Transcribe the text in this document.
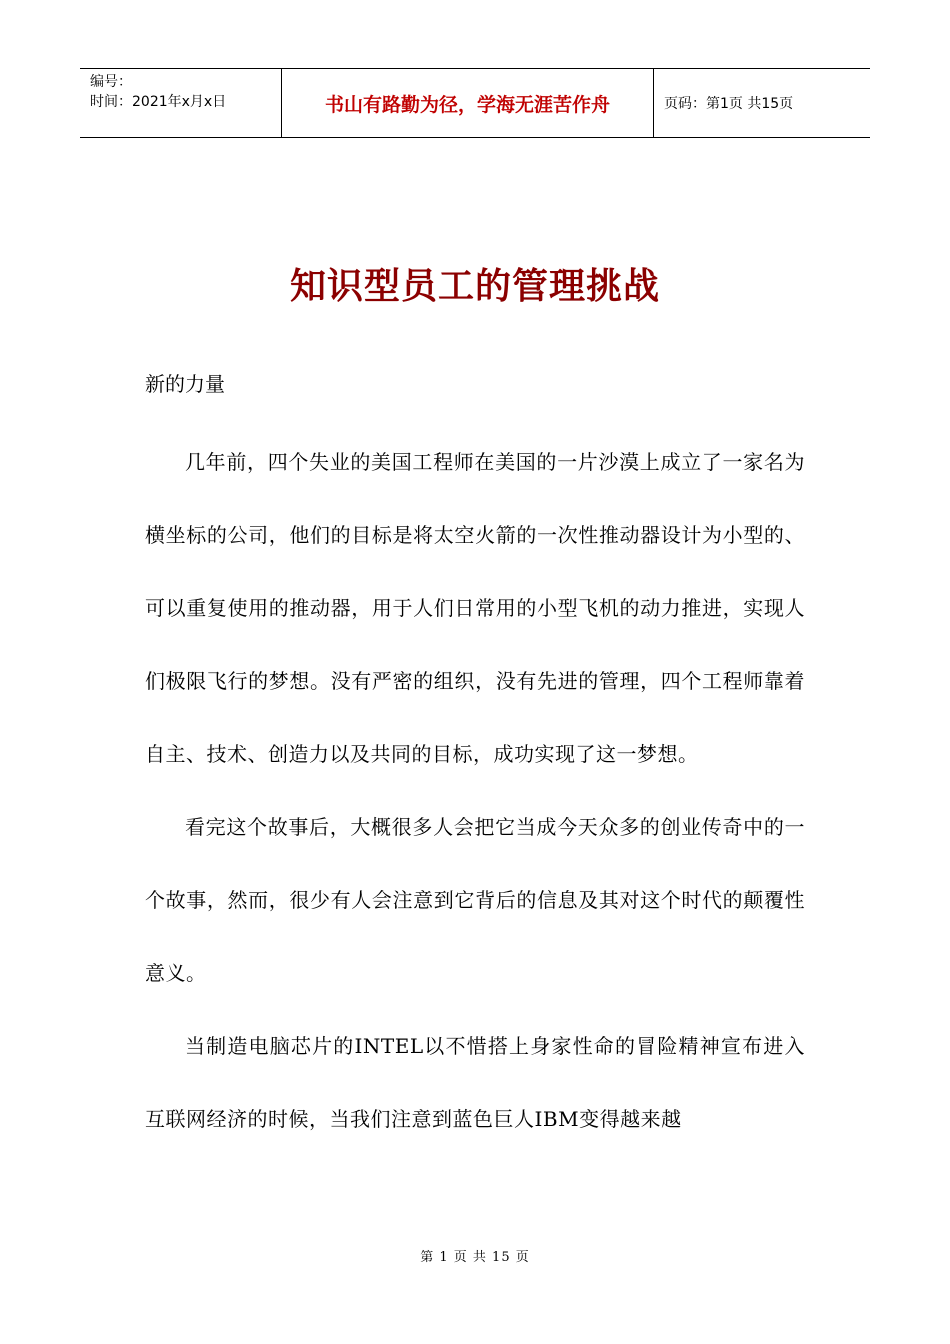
编号：
时间：2021年x月x日	书山有路勤为径，学海无涯苦作舟	页码：第1页 共15页
知识型员工的管理挑战
新的力量

几年前，四个失业的美国工程师在美国的一片沙漠上成立了一家名为横坐标的公司，他们的目标是将太空火箭的一次性推动器设计为小型的、可以重复使用的推动器，用于人们日常用的小型飞机的动力推进，实现人们极限飞行的梦想。没有严密的组织，没有先进的管理，四个工程师靠着自主、技术、创造力以及共同的目标，成功实现了这一梦想。

看完这个故事后，大概很多人会把它当成今天众多的创业传奇中的一个故事，然而，很少有人会注意到它背后的信息及其对这个时代的颠覆性意义。

当制造电脑芯片的INTEL以不惜搭上身家性命的冒险精神宣布进入互联网经济的时候，当我们注意到蓝色巨人IBM变得越来越

第 1 页 共 15 页
